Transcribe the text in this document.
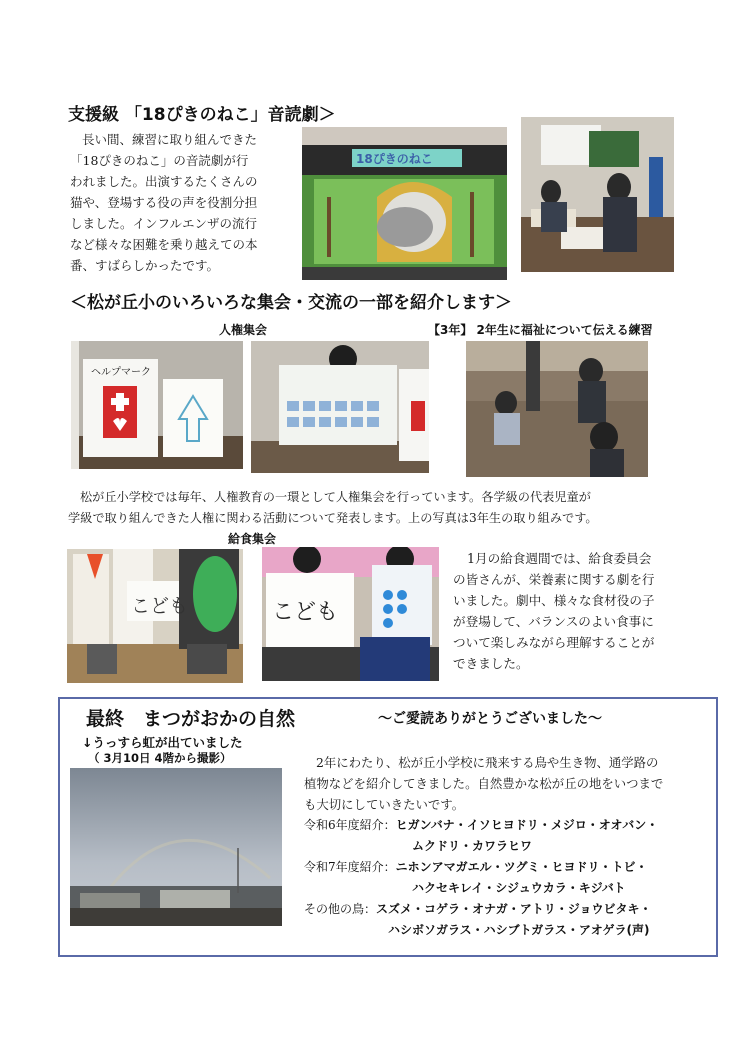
支援級 「18ぴきのねこ」音読劇＞
長い間、練習に取り組んできた
「18ぴきのねこ」の音読劇が行
われました。出演するたくさんの
猫や、登場する役の声を役割分担
しました。インフルエンザの流行
など様々な困難を乗り越えての本
番、すばらしかったです。
18ぴきのねこ
＜松が丘小のいろいろな集会・交流の一部を紹介します＞
人権集会	【3年】 2年生に福祉について伝える練習
ヘルプマーク
松が丘小学校では毎年、人権教育の一環として人権集会を行っています。各学級の代表児童が
学級で取り組んできた人権に関わる活動について発表します。上の写真は3年生の取り組みです。
給食集会
こども	こども
1月の給食週間では、給食委員会
の皆さんが、栄養素に関する劇を行
いました。劇中、様々な食材役の子
が登場して、バランスのよい食事に
ついて楽しみながら理解することが
できました。
最終　まつがおかの自然	～ご愛読ありがとうございました～
↓うっすら虹が出ていました
（ 3月10日 4階から撮影）	2年にわたり、松が丘小学校に飛来する鳥や生き物、通学路の
植物などを紹介してきました。自然豊かな松が丘の地をいつまで
も大切にしていきたいです。
令和6年度紹介：ヒガンバナ・イソヒヨドリ・メジロ・オオバン・
ムクドリ・カワラヒワ
令和7年度紹介：ニホンアマガエル・ツグミ・ヒヨドリ・トビ・
ハクセキレイ・シジュウカラ・キジバト
その他の鳥：スズメ・コゲラ・オナガ・アトリ・ジョウビタキ・
ハシボソガラス・ハシブトガラス・アオゲラ(声)
